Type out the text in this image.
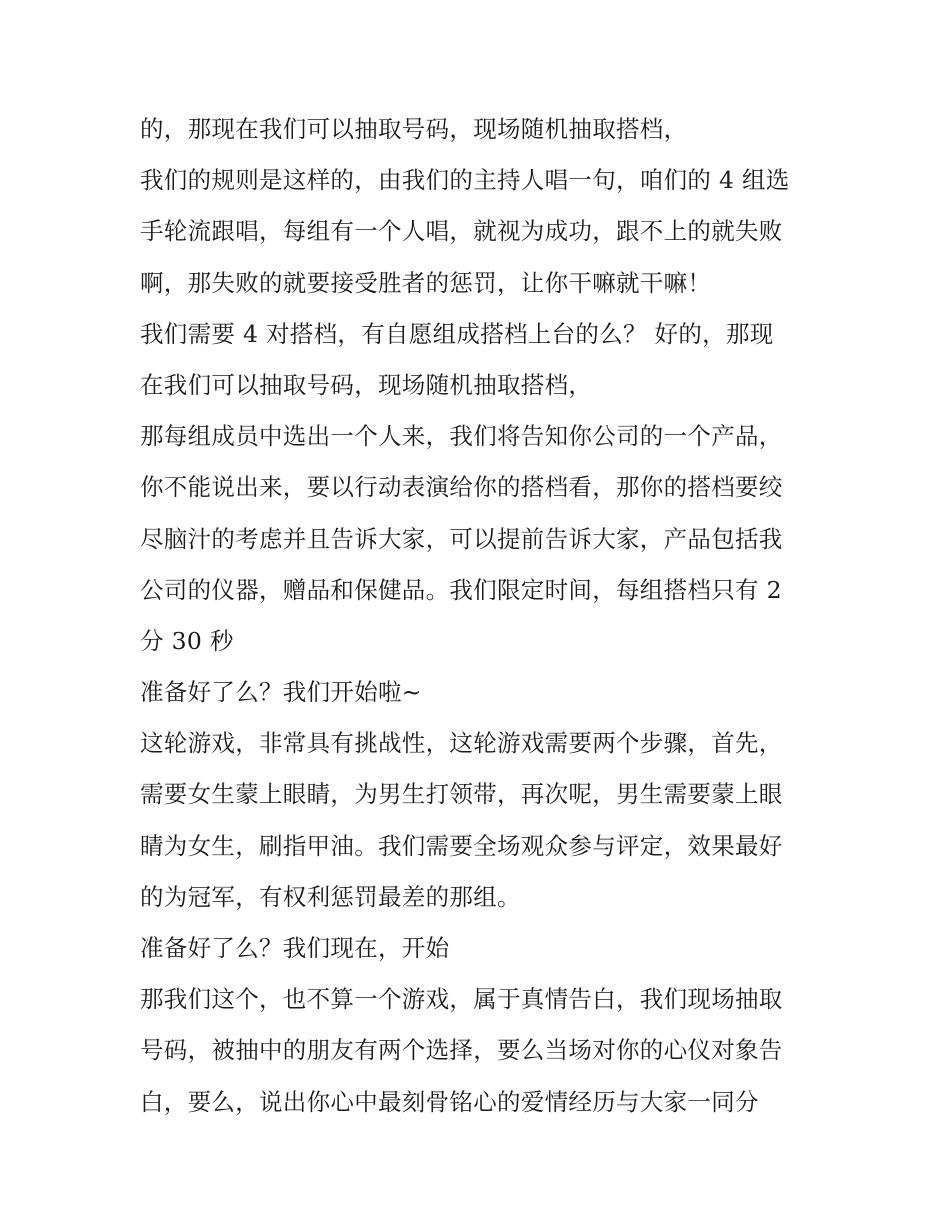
的，那现在我们可以抽取号码，现场随机抽取搭档，
我们的规则是这样的，由我们的主持人唱一句，咱们的 4 组选
手轮流跟唱，每组有一个人唱，就视为成功，跟不上的就失败
啊，那失败的就要接受胜者的惩罚，让你干嘛就干嘛！
我们需要 4 对搭档，有自愿组成搭档上台的么？ 好的，那现
在我们可以抽取号码，现场随机抽取搭档，
那每组成员中选出一个人来，我们将告知你公司的一个产品，
你不能说出来，要以行动表演给你的搭档看，那你的搭档要绞
尽脑汁的考虑并且告诉大家，可以提前告诉大家，产品包括我
公司的仪器，赠品和保健品。我们限定时间，每组搭档只有 2
分 30 秒
准备好了么？我们开始啦~
这轮游戏，非常具有挑战性，这轮游戏需要两个步骤，首先，
需要女生蒙上眼睛，为男生打领带，再次呢，男生需要蒙上眼
睛为女生，刷指甲油。我们需要全场观众参与评定，效果最好
的为冠军，有权利惩罚最差的那组。
准备好了么？我们现在，开始
那我们这个，也不算一个游戏，属于真情告白，我们现场抽取
号码，被抽中的朋友有两个选择，要么当场对你的心仪对象告
白，要么，说出你心中最刻骨铭心的爱情经历与大家一同分
